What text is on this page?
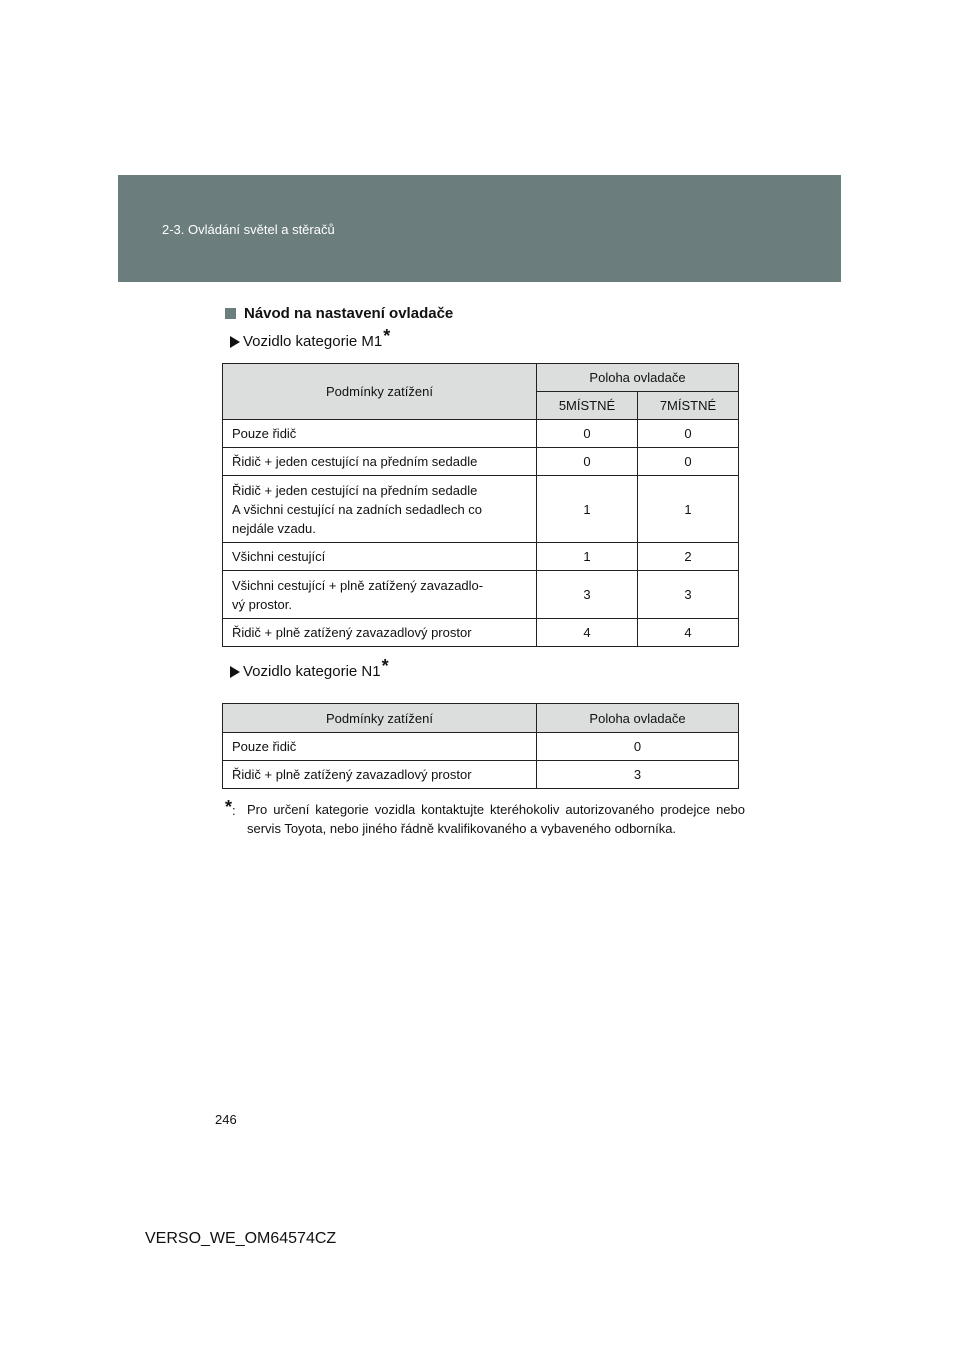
2-3. Ovládání světel a stěračů
Návod na nastavení ovladače
Vozidlo kategorie M1 *
Podmínky zatížení	Poloha ovladače	
	5MÍSTNÉ	7MÍSTNÉ
Pouze řidič	0	0
Řidič + jeden cestující na předním sedadle	0	0
Řidič + jeden cestující na předním sedadle
A všichni cestující na zadních sedadlech co nejdále vzadu.	1	1
Všichni cestující	1	2
Všichni cestující + plně zatížený zavazadlo-
vý prostor.	3	3
Řidič + plně zatížený zavazadlový prostor	4	4
Vozidlo kategorie N1 *
Podmínky zatížení	Poloha ovladače
Pouze řidič	0
Řidič + plně zatížený zavazadlový prostor	3
*: Pro určení kategorie vozidla kontaktujte kteréhokoliv autorizovaného prodejce nebo servis Toyota, nebo jiného řádně kvalifikovaného a vybaveného odborníka.
246
VERSO_WE_OM64574CZ
